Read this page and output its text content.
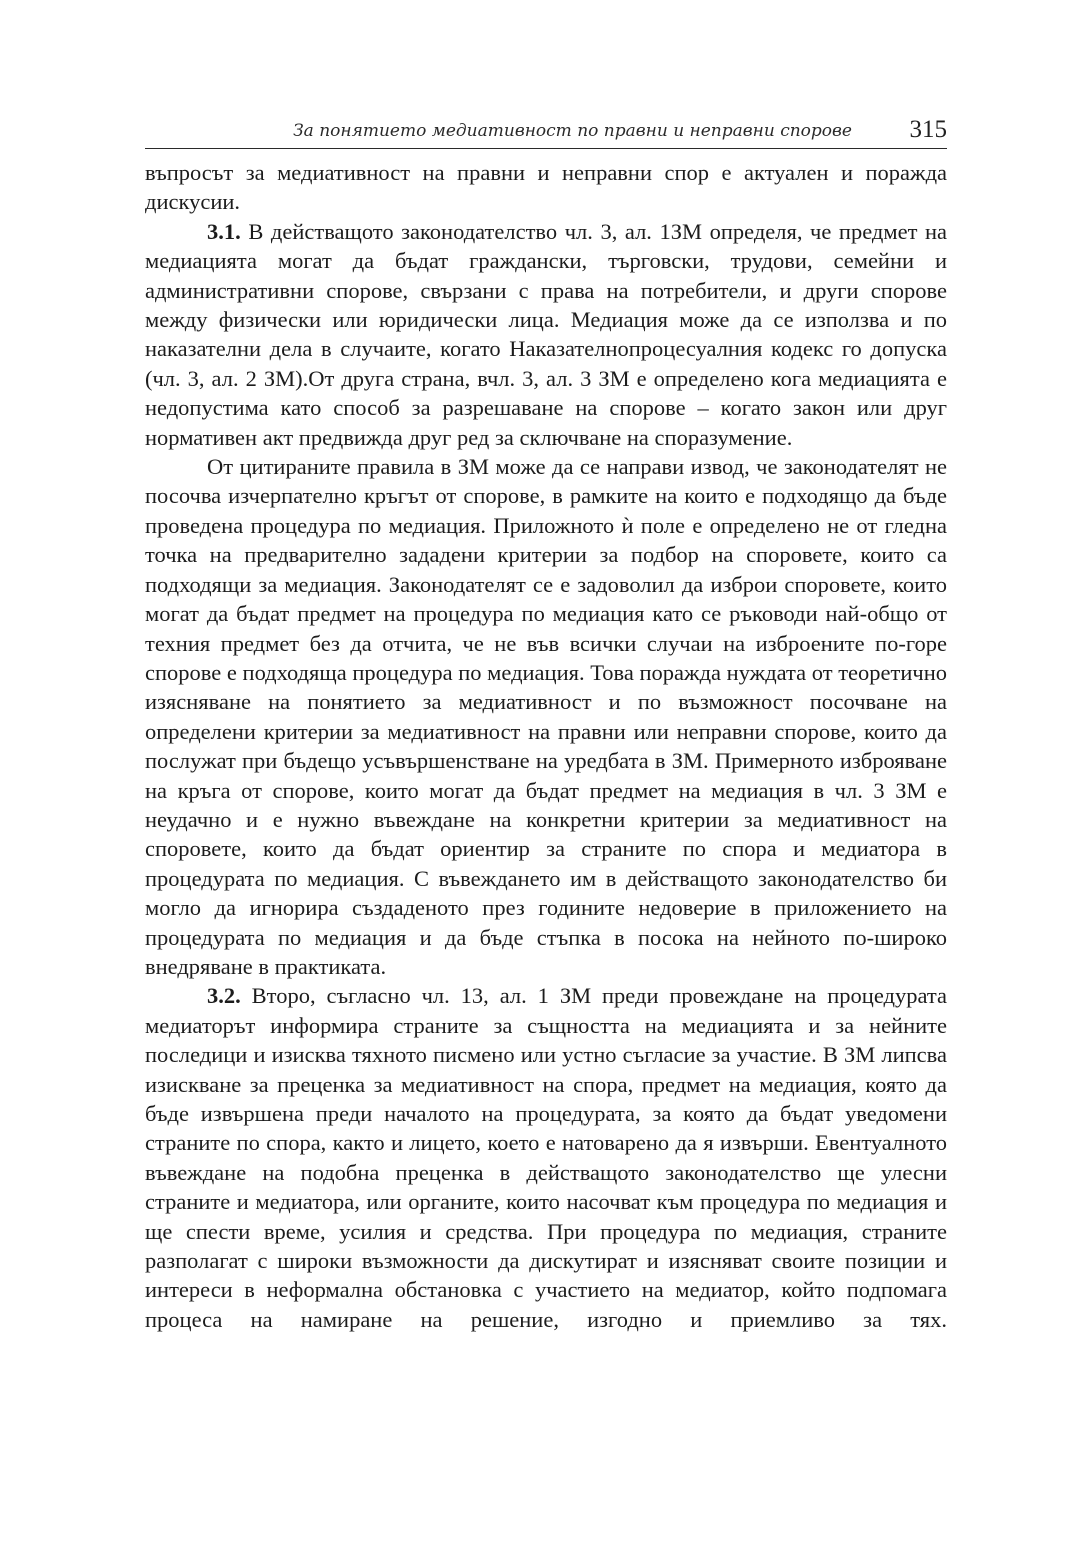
За понятието медиативност по правни и неправни спорове 315

въпросът за медиативност на правни и неправни спор е актуален и поражда дискусии.

3.1. В действащото законодателство чл. 3, ал. 1ЗМ определя, че предмет на медиацията могат да бъдат граждански, търговски, трудови, семейни и административни спорове, свързани с права на потребители, и други спорове между физически или юридически лица. Медиация може да се използва и по наказателни дела в случаите, когато Наказателнопроцесуалния кодекс го допуска (чл. 3, ал. 2 ЗМ).От друга страна, вчл. 3, ал. 3 ЗМ е определено кога медиацията е недопустима като способ за разрешаване на спорове – когато закон или друг нормативен акт предвижда друг ред за сключване на споразумение.

От цитираните правила в ЗМ може да се направи извод, че законодателят не посочва изчерпателно кръгът от спорове, в рамките на които е подходящо да бъде проведена процедура по медиация. Приложното ѝ поле е определено не от гледна точка на предварително зададени критерии за подбор на споровете, които са подходящи за медиация. Законодателят се е задоволил да изброи споровете, които могат да бъдат предмет на процедура по медиация като се ръководи най-общо от техния предмет без да отчита, че не във всички случаи на изброените по-горе спорове е подходяща процедура по медиация. Това поражда нуждата от теоретично изясняване на понятието за медиативност и по възможност посочване на определени критерии за медиативност на правни или неправни спорове, които да послужат при бъдещо усъвършенстване на уредбата в ЗМ. Примерното изброяване на кръга от спорове, които могат да бъдат предмет на медиация в чл. 3 ЗМ е неудачно и е нужно въвеждане на конкретни критерии за медиативност на споровете, които да бъдат ориентир за страните по спора и медиатора в процедурата по медиация. С въвеждането им в действащото законодателство би могло да игнорира създаденото през годините недоверие в приложението на процедурата по медиация и да бъде стъпка в посока на нейното по-широко внедряване в практиката.

3.2. Второ, съгласно чл. 13, ал. 1 ЗМ преди провеждане на процедурата медиаторът информира страните за същността на медиацията и за нейните последици и изисква тяхното писмено или устно съгласие за участие. В ЗМ липсва изискване за преценка за медиативност на спора, предмет на медиация, която да бъде извършена преди началото на процедурата, за която да бъдат уведомени страните по спора, както и лицето, което е натоварено да я извърши. Евентуалното въвеждане на подобна преценка в действащото законодателство ще улесни страните и медиатора, или органите, които насочват към процедура по медиация и ще спести време, усилия и средства. При процедура по медиация, страните разполагат с широки възможности да дискутират и изясняват своите позиции и интереси в неформална обстановка с участието на медиатор, който подпомага процеса на намиране на решение, изгодно и приемливо за тях.
